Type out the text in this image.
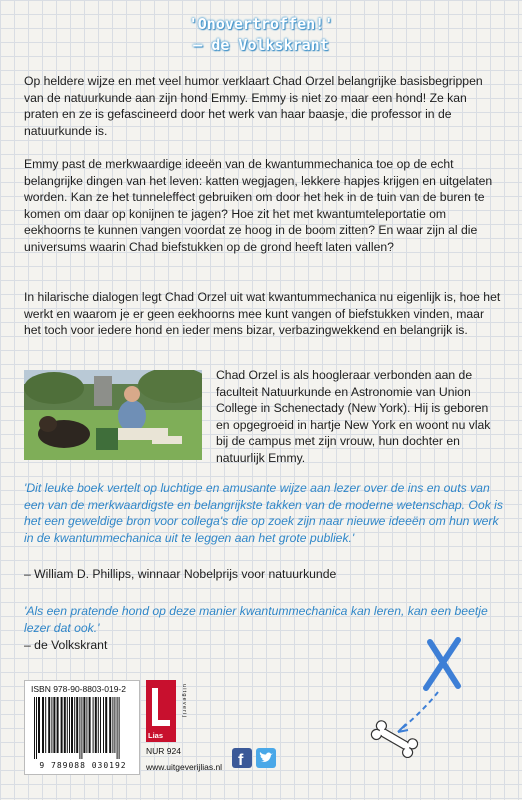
'Onovertroffen!'
– de Volkskrant

Op heldere wijze en met veel humor verklaart Chad Orzel belangrijke basisbegrippen van de natuurkunde aan zijn hond Emmy. Emmy is niet zo maar een hond! Ze kan praten en ze is gefascineerd door het werk van haar baasje, die professor in de natuurkunde is.

Emmy past de merkwaardige ideeën van de kwantummechanica toe op de echt belangrijke dingen van het leven: katten wegjagen, lekkere hapjes krijgen en uitgelaten worden. Kan ze het tunneleffect gebruiken om door het hek in de tuin van de buren te komen om daar op konijnen te jagen? Hoe zit het met kwantumteleportatie om eekhoorns te kunnen vangen voordat ze hoog in de boom zitten? En waar zijn al die universums waarin Chad biefstukken op de grond heeft laten vallen?

In hilarische dialogen legt Chad Orzel uit wat kwantummechanica nu eigenlijk is, hoe het werkt en waarom je er geen eekhoorns mee kunt vangen of biefstukken vinden, maar het toch voor iedere hond en ieder mens bizar, verbazingwekkend en belangrijk is.

Chad Orzel is als hoogleraar verbonden aan de faculteit Natuurkunde en Astronomie van Union College in Schenectady (New York). Hij is geboren en opgegroeid in hartje New York en woont nu vlak bij de campus met zijn vrouw, hun dochter en natuurlijk Emmy.

'Dit leuke boek vertelt op luchtige en amusante wijze aan lezer over de ins en outs van een van de merkwaardigste en belangrijkste takken van de moderne wetenschap. Ook is het een geweldige bron voor collega's die op zoek zijn naar nieuwe ideeën om hun werk in de kwantummechanica uit te leggen aan het grote publiek.'

– William D. Phillips, winnaar Nobelprijs voor natuurkunde

'Als een pratende hond op deze manier kwantummechanica kan leren, kan een beetje lezer dat ook.'

– de Volkskrant

ISBN 978-90-8803-019-2
9 789088 030192
uitgeverij
Lias
NUR 924
f
www.uitgeverijlias.nl
